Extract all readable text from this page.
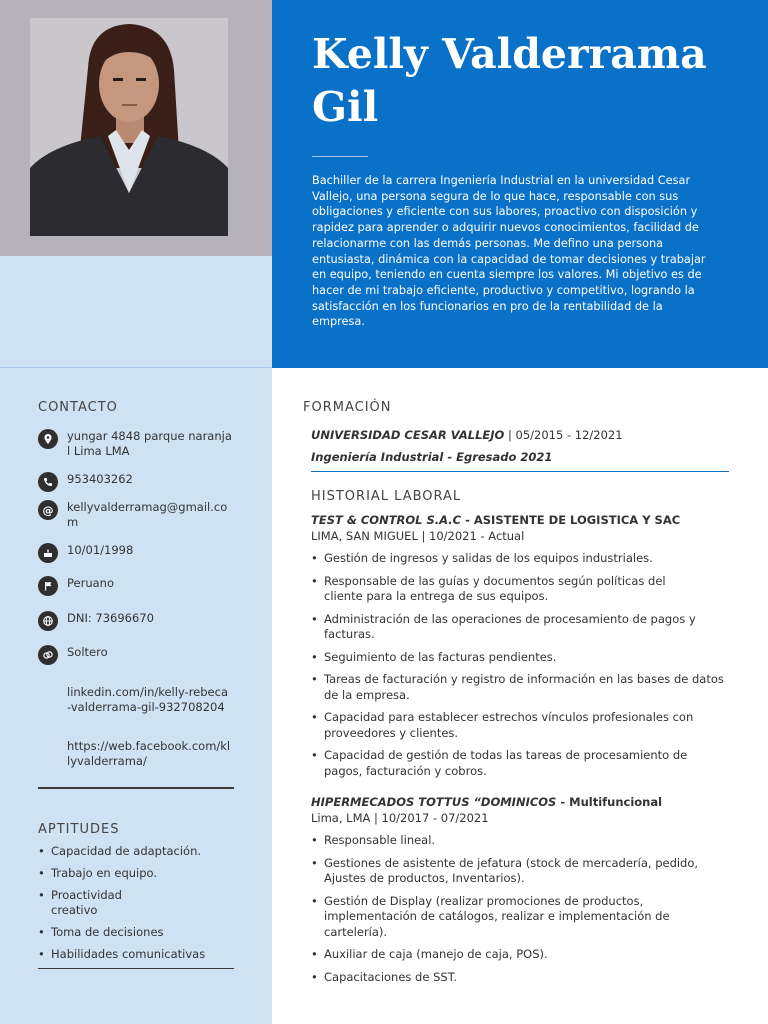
Kelly Valderrama Gil
Bachiller de la carrera Ingeniería Industrial en la universidad Cesar Vallejo, una persona segura de lo que hace, responsable con sus obligaciones y eficiente con sus labores, proactivo con disposición y rapidez para aprender o adquirir nuevos conocimientos, facilidad de relacionarme con las demás personas. Me defino una persona entusiasta, dinámica con la capacidad de tomar decisiones y trabajar en equipo, teniendo en cuenta siempre los valores. Mi objetivo es de hacer de mi trabajo eficiente, productivo y competitivo, logrando la satisfacción en los funcionarios en pro de la rentabilidad de la empresa.
CONTACTO
yungar 4848 parque naranjal Lima LMA
953403262
@ kellyvalderramag@gmail.com
10/01/1998
Peruano
DNI: 73696670
Soltero
linkedin.com/in/kelly-rebeca-valderrama-gil-932708204
https://web.facebook.com/kllyvalderrama/
APTITUDES
• Capacidad de adaptación.
• Trabajo en equipo.
• Proactividad creativo
• Toma de decisiones
• Habilidades comunicativas
FORMACIÓN
UNIVERSIDAD CESAR VALLEJO | 05/2015 - 12/2021
Ingeniería Industrial - Egresado 2021
HISTORIAL LABORAL
TEST & CONTROL S.A.C - ASISTENTE DE LOGISTICA Y SAC
LIMA, SAN MIGUEL | 10/2021 - Actual
• Gestión de ingresos y salidas de los equipos industriales.
• Responsable de las guías y documentos según políticas del cliente para la entrega de sus equipos.
• Administración de las operaciones de procesamiento de pagos y facturas.
• Seguimiento de las facturas pendientes.
• Tareas de facturación y registro de información en las bases de datos de la empresa.
• Capacidad para establecer estrechos vínculos profesionales con proveedores y clientes.
• Capacidad de gestión de todas las tareas de procesamiento de pagos, facturación y cobros.
HIPERMECADOS TOTTUS “DOMINICOS - Multifuncional
Lima, LMA | 10/2017 - 07/2021
• Responsable lineal.
• Gestiones de asistente de jefatura (stock de mercadería, pedido, Ajustes de productos, Inventarios).
• Gestión de Display (realizar promociones de productos, implementación de catálogos, realizar e implementación de cartelería).
• Auxiliar de caja (manejo de caja, POS).
• Capacitaciones de SST.
